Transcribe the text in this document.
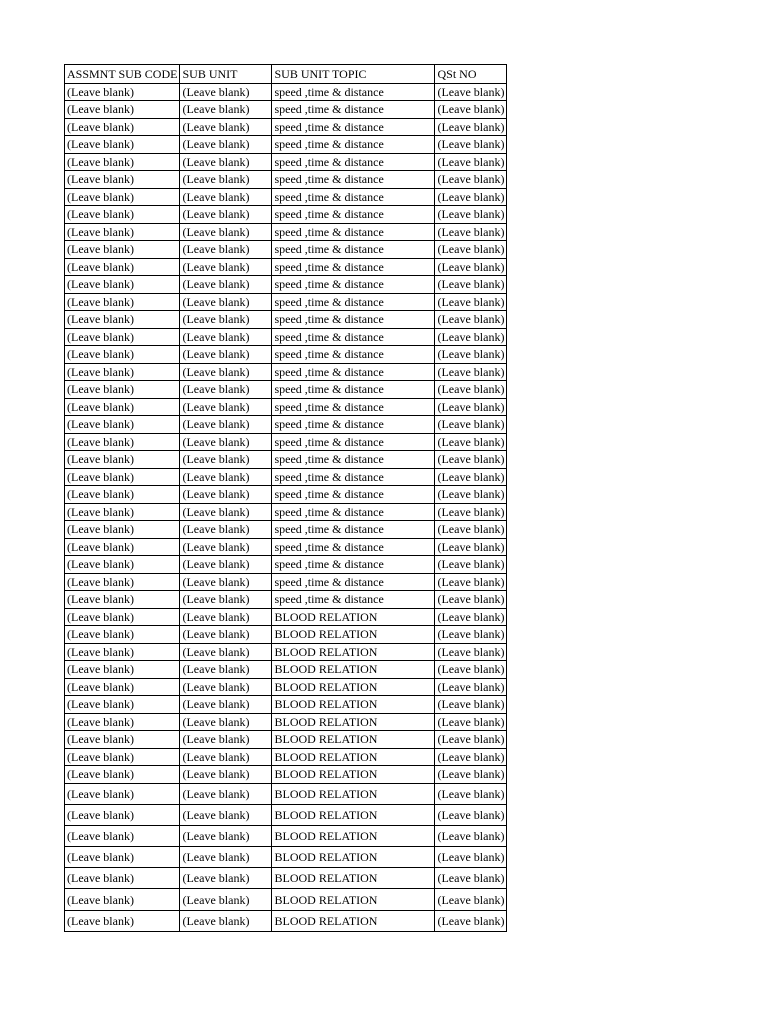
ASSMNT SUB CODE	SUB UNIT	SUB UNIT TOPIC	QSt NO
(Leave blank)	(Leave blank)	speed ,time & distance	(Leave blank)
(Leave blank)	(Leave blank)	speed ,time & distance	(Leave blank)
(Leave blank)	(Leave blank)	speed ,time & distance	(Leave blank)
(Leave blank)	(Leave blank)	speed ,time & distance	(Leave blank)
(Leave blank)	(Leave blank)	speed ,time & distance	(Leave blank)
(Leave blank)	(Leave blank)	speed ,time & distance	(Leave blank)
(Leave blank)	(Leave blank)	speed ,time & distance	(Leave blank)
(Leave blank)	(Leave blank)	speed ,time & distance	(Leave blank)
(Leave blank)	(Leave blank)	speed ,time & distance	(Leave blank)
(Leave blank)	(Leave blank)	speed ,time & distance	(Leave blank)
(Leave blank)	(Leave blank)	speed ,time & distance	(Leave blank)
(Leave blank)	(Leave blank)	speed ,time & distance	(Leave blank)
(Leave blank)	(Leave blank)	speed ,time & distance	(Leave blank)
(Leave blank)	(Leave blank)	speed ,time & distance	(Leave blank)
(Leave blank)	(Leave blank)	speed ,time & distance	(Leave blank)
(Leave blank)	(Leave blank)	speed ,time & distance	(Leave blank)
(Leave blank)	(Leave blank)	speed ,time & distance	(Leave blank)
(Leave blank)	(Leave blank)	speed ,time & distance	(Leave blank)
(Leave blank)	(Leave blank)	speed ,time & distance	(Leave blank)
(Leave blank)	(Leave blank)	speed ,time & distance	(Leave blank)
(Leave blank)	(Leave blank)	speed ,time & distance	(Leave blank)
(Leave blank)	(Leave blank)	speed ,time & distance	(Leave blank)
(Leave blank)	(Leave blank)	speed ,time & distance	(Leave blank)
(Leave blank)	(Leave blank)	speed ,time & distance	(Leave blank)
(Leave blank)	(Leave blank)	speed ,time & distance	(Leave blank)
(Leave blank)	(Leave blank)	speed ,time & distance	(Leave blank)
(Leave blank)	(Leave blank)	speed ,time & distance	(Leave blank)
(Leave blank)	(Leave blank)	speed ,time & distance	(Leave blank)
(Leave blank)	(Leave blank)	speed ,time & distance	(Leave blank)
(Leave blank)	(Leave blank)	speed ,time & distance	(Leave blank)
(Leave blank)	(Leave blank)	BLOOD RELATION	(Leave blank)
(Leave blank)	(Leave blank)	BLOOD RELATION	(Leave blank)
(Leave blank)	(Leave blank)	BLOOD RELATION	(Leave blank)
(Leave blank)	(Leave blank)	BLOOD RELATION	(Leave blank)
(Leave blank)	(Leave blank)	BLOOD RELATION	(Leave blank)
(Leave blank)	(Leave blank)	BLOOD RELATION	(Leave blank)
(Leave blank)	(Leave blank)	BLOOD RELATION	(Leave blank)
(Leave blank)	(Leave blank)	BLOOD RELATION	(Leave blank)
(Leave blank)	(Leave blank)	BLOOD RELATION	(Leave blank)
(Leave blank)	(Leave blank)	BLOOD RELATION	(Leave blank)
(Leave blank)	(Leave blank)	BLOOD RELATION	(Leave blank)
(Leave blank)	(Leave blank)	BLOOD RELATION	(Leave blank)
(Leave blank)	(Leave blank)	BLOOD RELATION	(Leave blank)
(Leave blank)	(Leave blank)	BLOOD RELATION	(Leave blank)
(Leave blank)	(Leave blank)	BLOOD RELATION	(Leave blank)
(Leave blank)	(Leave blank)	BLOOD RELATION	(Leave blank)
(Leave blank)	(Leave blank)	BLOOD RELATION	(Leave blank)
